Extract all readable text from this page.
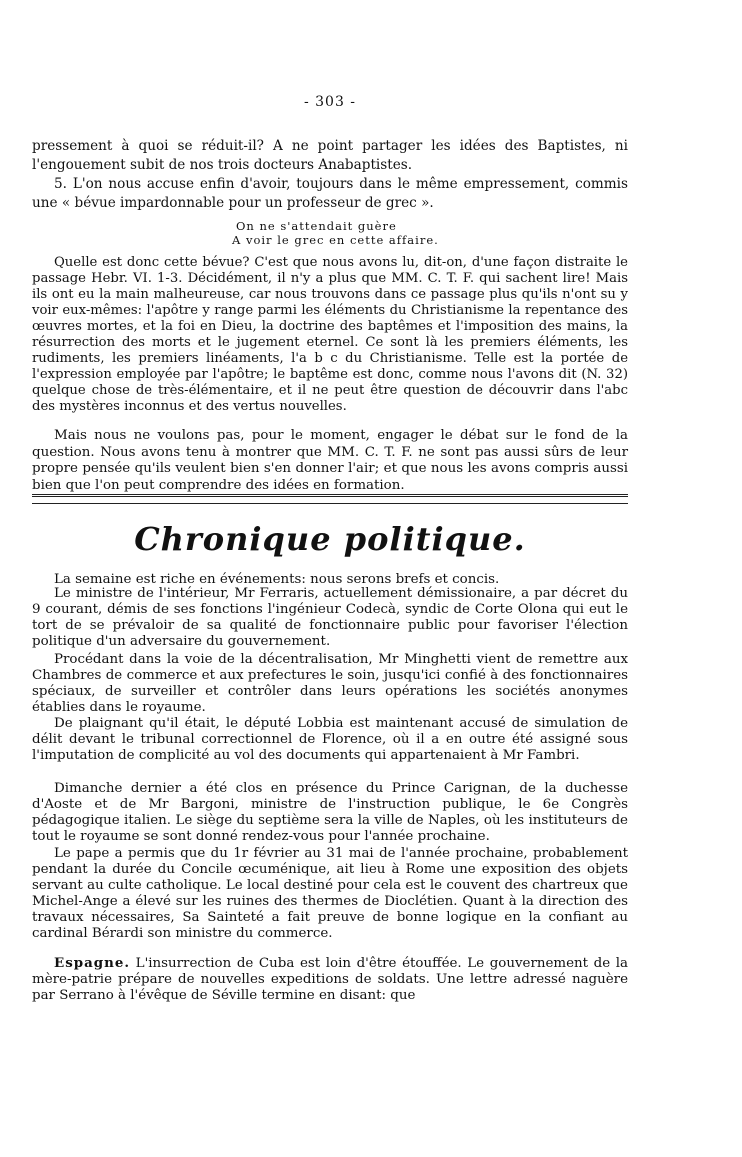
- 303 -

pressement à quoi se réduit-il? A ne point partager les idées des Baptistes, ni l'engouement subit de nos trois docteurs Anabaptistes.

5. L'on nous accuse enfin d'avoir, toujours dans le même empressement, commis une « bévue impardonnable pour un professeur de grec ».

On ne s'attendait guère

A voir le grec en cette affaire.

Quelle est donc cette bévue? C'est que nous avons lu, dit-on, d'une façon distraite le passage Hebr. VI. 1-3. Décidément, il n'y a plus que MM. C. T. F. qui sachent lire! Mais ils ont eu la main malheureuse, car nous trouvons dans ce passage plus qu'ils n'ont su y voir eux-mêmes: l'apôtre y range parmi les éléments du Christianisme la repentance des œuvres mortes, et la foi en Dieu, la doctrine des baptêmes et l'imposition des mains, la résurrection des morts et le jugement eternel. Ce sont là les premiers éléments, les rudiments, les premiers linéaments, l'a b c du Christianisme. Telle est la portée de l'expression employée par l'apôtre; le baptême est donc, comme nous l'avons dit (N. 32) quelque chose de très-élémentaire, et il ne peut être question de découvrir dans l'abc des mystères inconnus et des vertus nouvelles.

Mais nous ne voulons pas, pour le moment, engager le débat sur le fond de la question. Nous avons tenu à montrer que MM. C. T. F. ne sont pas aussi sûrs de leur propre pensée qu'ils veulent bien s'en donner l'air; et que nous les avons compris aussi bien que l'on peut comprendre des idées en formation.

Chronique politique.

La semaine est riche en événements: nous serons brefs et concis.

Le ministre de l'intérieur, Mr Ferraris, actuellement démissionaire, a par décret du 9 courant, démis de ses fonctions l'ingénieur Codecà, syndic de Corte Olona qui eut le tort de se prévaloir de sa qualité de fonctionnaire public pour favoriser l'élection politique d'un adversaire du gouvernement.

Procédant dans la voie de la décentralisation, Mr Minghetti vient de remettre aux Chambres de commerce et aux prefectures le soin, jusqu'ici confié à des fonctionnaires spéciaux, de surveiller et contrôler dans leurs opérations les sociétés anonymes établies dans le royaume.

De plaignant qu'il était, le député Lobbia est maintenant accusé de simulation de délit devant le tribunal correctionnel de Florence, où il a en outre été assigné sous l'imputation de complicité au vol des documents qui appartenaient à Mr Fambri.

Dimanche dernier a été clos en présence du Prince Carignan, de la duchesse d'Aoste et de Mr Bargoni, ministre de l'instruction publique, le 6e Congrès pédagogique italien. Le siège du septième sera la ville de Naples, où les instituteurs de tout le royaume se sont donné rendez-vous pour l'année prochaine.

Le pape a permis que du 1r février au 31 mai de l'année prochaine, probablement pendant la durée du Concile œcuménique, ait lieu à Rome une exposition des objets servant au culte catholique. Le local destiné pour cela est le couvent des chartreux que Michel-Ange a élevé sur les ruines des thermes de Dioclétien. Quant à la direction des travaux nécessaires, Sa Sainteté a fait preuve de bonne logique en la confiant au cardinal Bérardi son ministre du commerce.

Espagne. L'insurrection de Cuba est loin d'être étouffée. Le gouvernement de la mère-patrie prépare de nouvelles expeditions de soldats. Une lettre adressé naguère par Serrano à l'évêque de Séville termine en disant: que
